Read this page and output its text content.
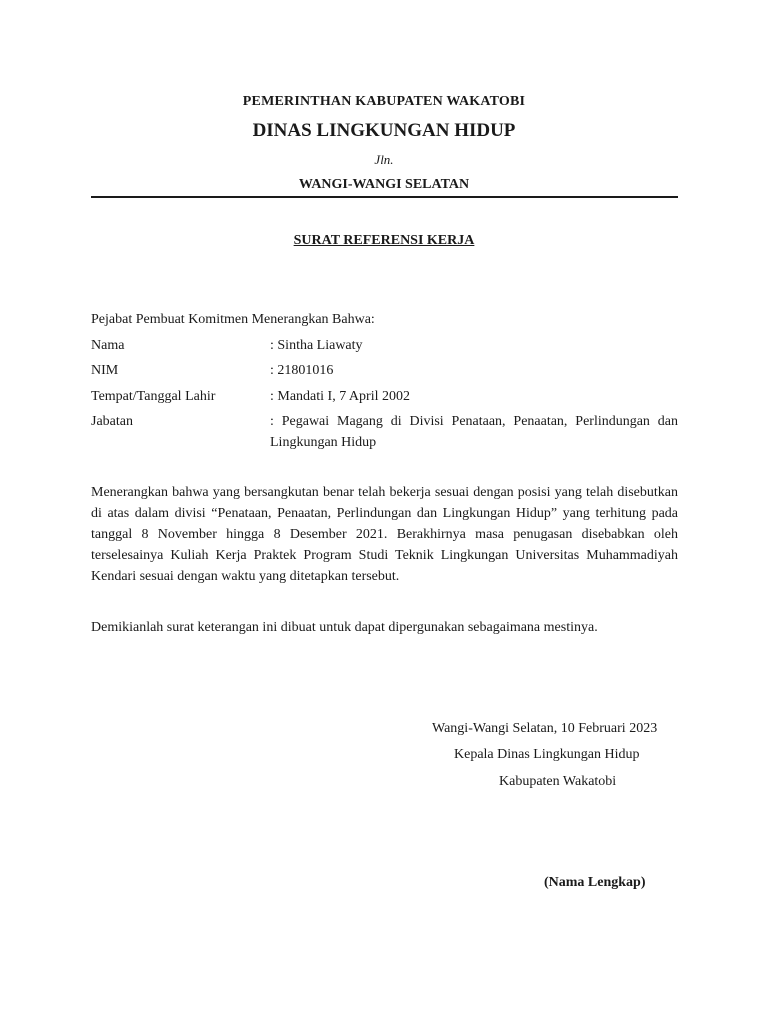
PEMERINTHAN KABUPATEN WAKATOBI
DINAS LINGKUNGAN HIDUP
Jln.
WANGI-WANGI SELATAN
SURAT REFERENSI KERJA
Pejabat Pembuat Komitmen Menerangkan Bahwa:
Nama	: Sintha Liawaty
NIM	: 21801016
Tempat/Tanggal Lahir	: Mandati I, 7 April 2002
Jabatan	: Pegawai Magang di Divisi Penataan, Penaatan, Perlindungan dan Lingkungan Hidup
Menerangkan bahwa yang bersangkutan benar telah bekerja sesuai dengan posisi yang telah disebutkan di atas dalam divisi “Penataan, Penaatan, Perlindungan dan Lingkungan Hidup” yang terhitung pada tanggal 8 November hingga 8 Desember 2021. Berakhirnya masa penugasan disebabkan oleh terselesainya Kuliah Kerja Praktek Program Studi Teknik Lingkungan Universitas Muhammadiyah Kendari sesuai dengan waktu yang ditetapkan tersebut.
Demikianlah surat keterangan ini dibuat untuk dapat dipergunakan sebagaimana mestinya.
Wangi-Wangi Selatan, 10 Februari 2023
Kepala Dinas Lingkungan Hidup
Kabupaten Wakatobi
(Nama Lengkap)
